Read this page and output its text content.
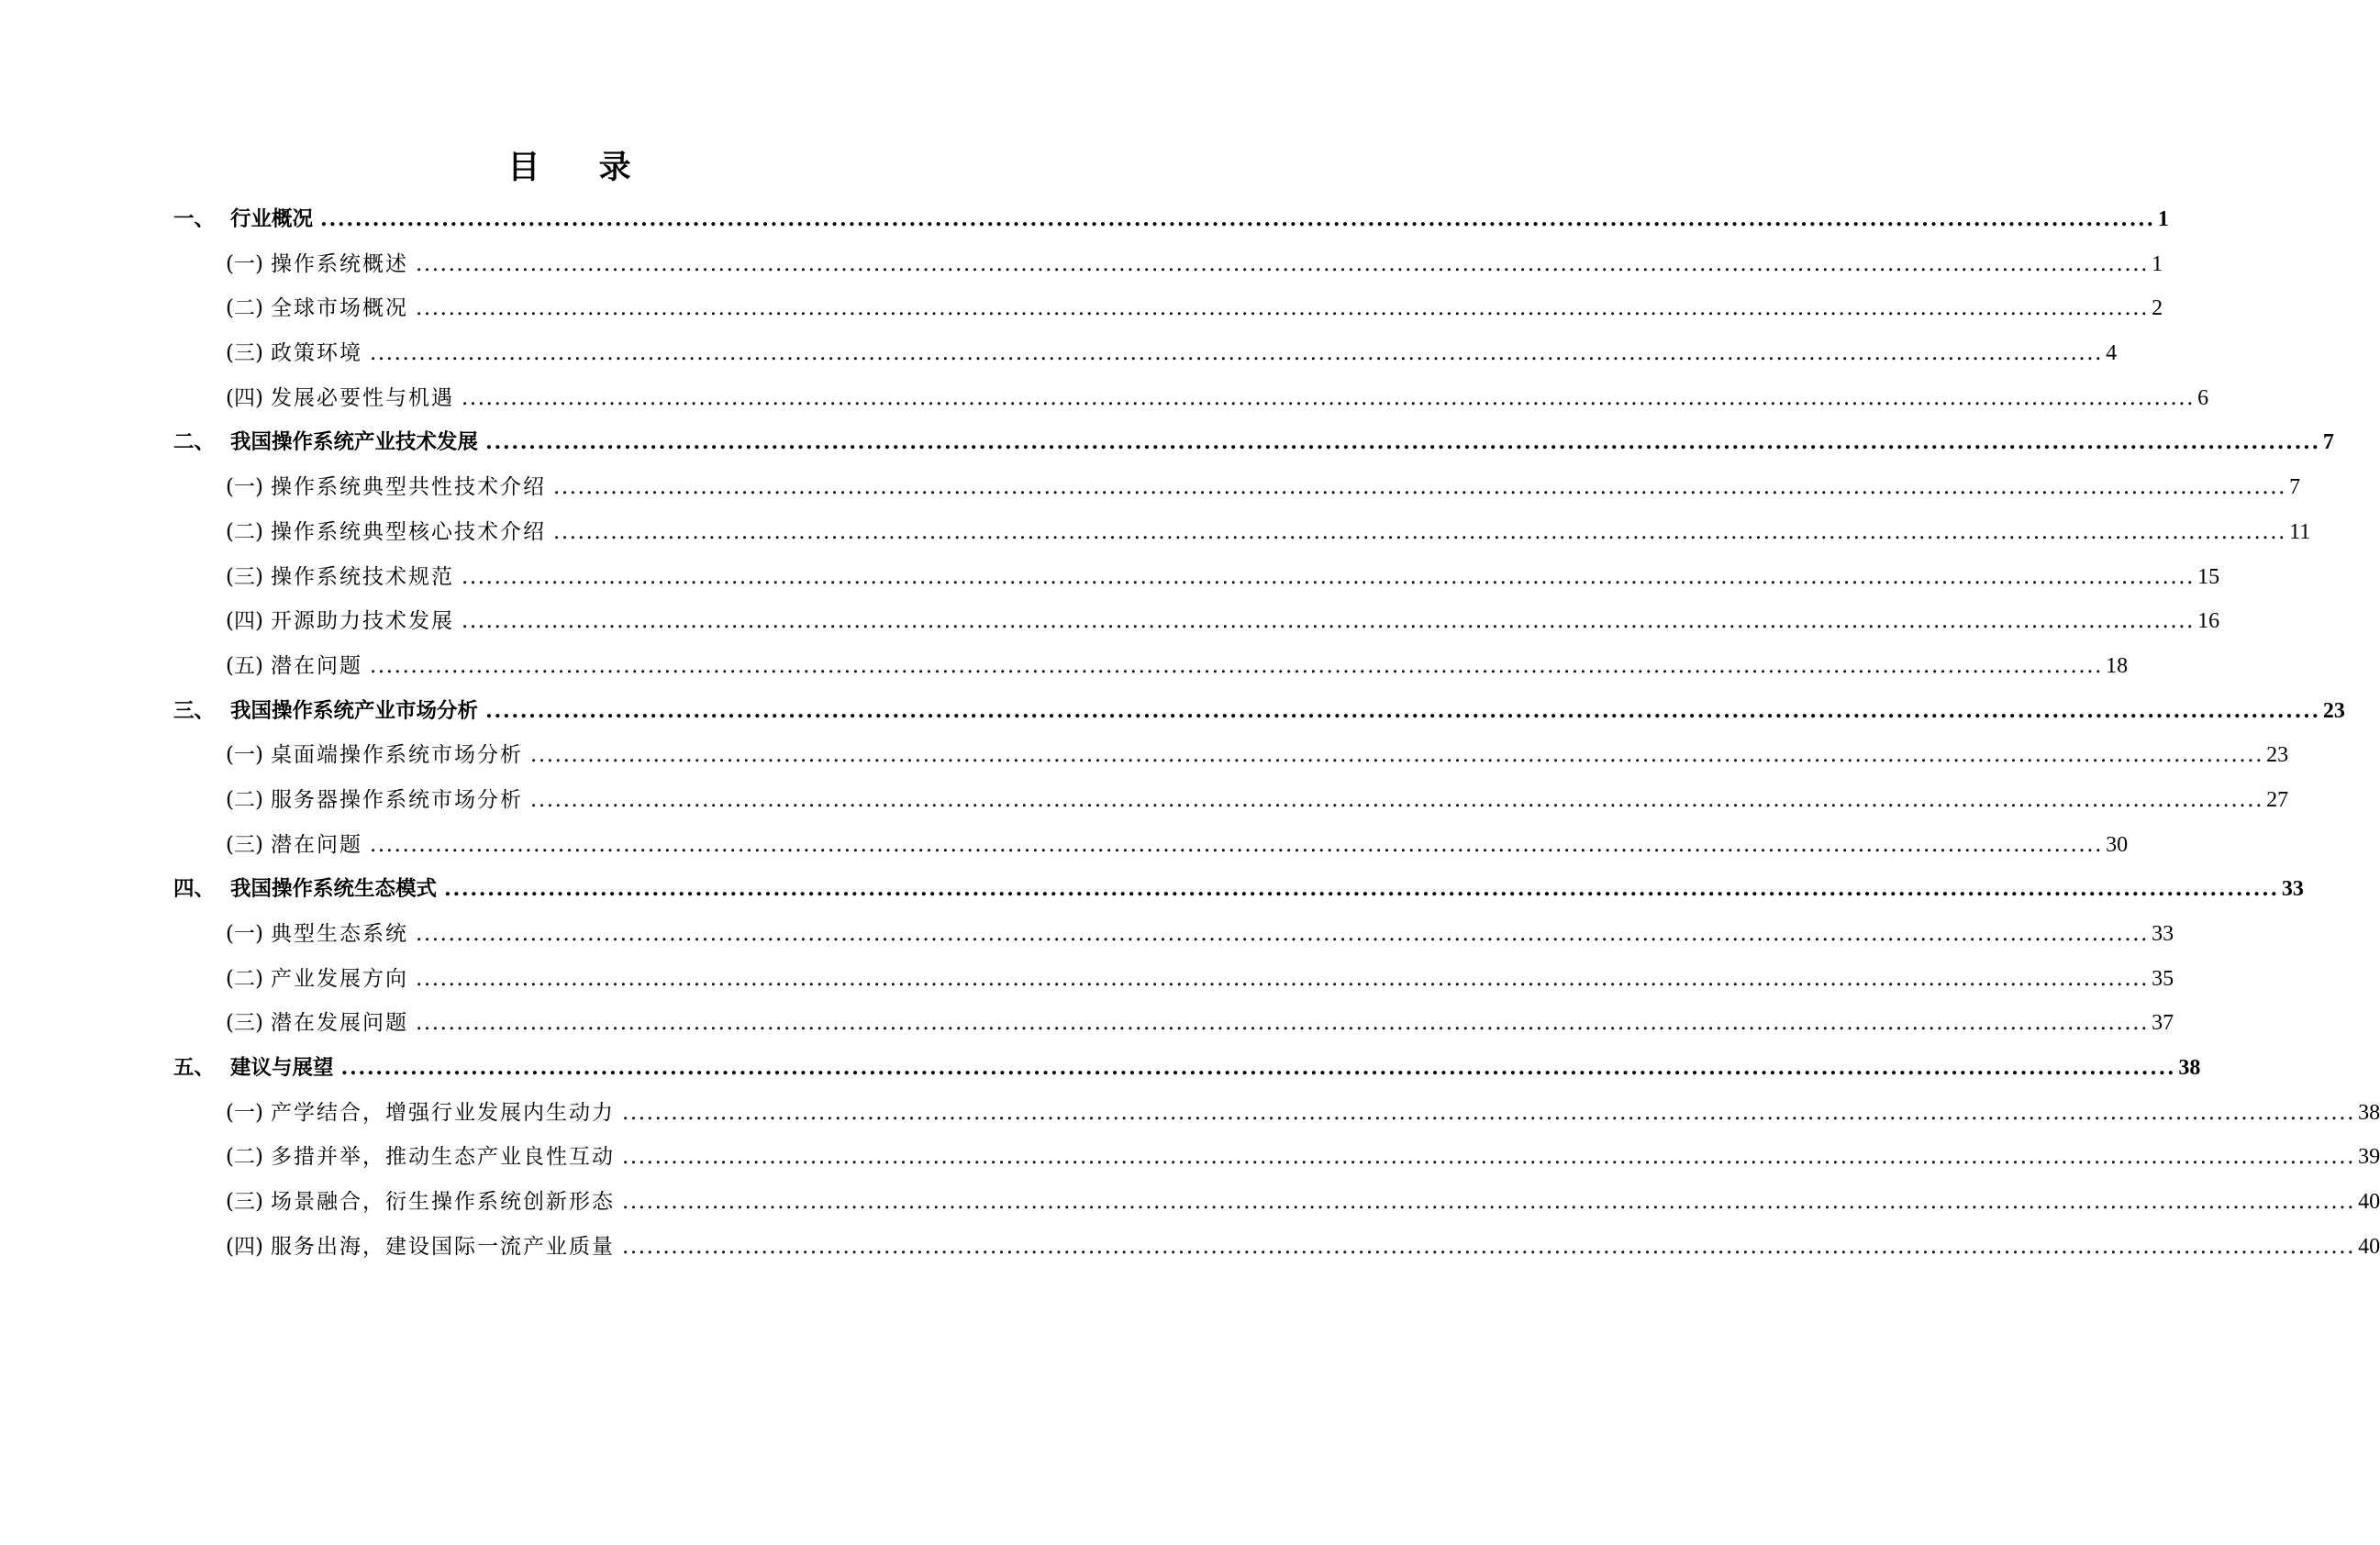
目 录
一、 行业概况 .................................................................................................................................................................................................................... 1
(一) 操作系统概述 .................................................................................................................................................................................................................... 1
(二) 全球市场概况 .................................................................................................................................................................................................................... 2
(三) 政策环境 .................................................................................................................................................................................................................... 4
(四) 发展必要性与机遇 .................................................................................................................................................................................................................... 6
二、 我国操作系统产业技术发展 .................................................................................................................................................................................................................... 7
(一) 操作系统典型共性技术介绍 .................................................................................................................................................................................................................... 7
(二) 操作系统典型核心技术介绍 .................................................................................................................................................................................................................... 11
(三) 操作系统技术规范 .................................................................................................................................................................................................................... 15
(四) 开源助力技术发展 .................................................................................................................................................................................................................... 16
(五) 潜在问题 .................................................................................................................................................................................................................... 18
三、 我国操作系统产业市场分析 .................................................................................................................................................................................................................... 23
(一) 桌面端操作系统市场分析 .................................................................................................................................................................................................................... 23
(二) 服务器操作系统市场分析 .................................................................................................................................................................................................................... 27
(三) 潜在问题 .................................................................................................................................................................................................................... 30
四、 我国操作系统生态模式 .................................................................................................................................................................................................................... 33
(一) 典型生态系统 .................................................................................................................................................................................................................... 33
(二) 产业发展方向 .................................................................................................................................................................................................................... 35
(三) 潜在发展问题 .................................................................................................................................................................................................................... 37
五、 建议与展望 .................................................................................................................................................................................................................... 38
(一) 产学结合，增强行业发展内生动力 .................................................................................................................................................................................................................... 38
(二) 多措并举，推动生态产业良性互动 .................................................................................................................................................................................................................... 39
(三) 场景融合，衍生操作系统创新形态 .................................................................................................................................................................................................................... 40
(四) 服务出海，建设国际一流产业质量 .................................................................................................................................................................................................................... 40
